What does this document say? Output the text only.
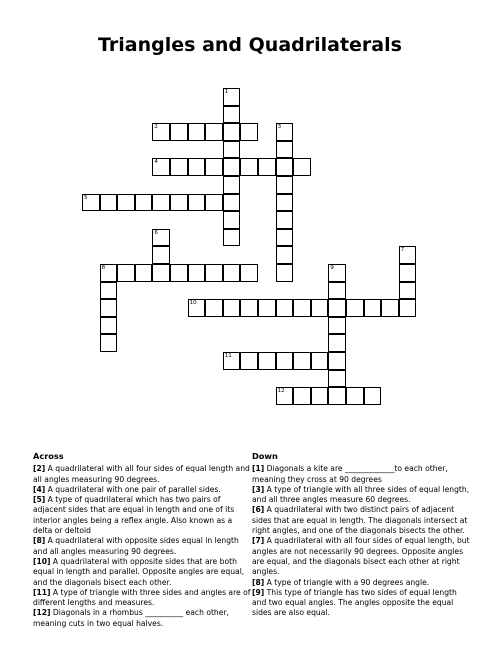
Triangles and Quadrilaterals
2
4
5
8
10
11
12
1
3
6
7
9
Across

[2] A quadrilateral with all four sides of equal length and all angles measuring 90 degrees.

[4] A quadrilateral with one pair of parallel sides.

[5] A type of quadrilateral which has two pairs of adjacent sides that are equal in length and one of its interior angles being a reflex angle. Also known as a delta or deltoid

[8] A quadrilateral with opposite sides equal in length and all angles measuring 90 degrees.

[10] A quadrilateral with opposite sides that are both equal in length and parallel. Opposite angles are equal, and the diagonals bisect each other.

[11] A type of triangle with three sides and angles are of different lengths and measures.

[12] Diagonals in a rhombus __________ each other, meaning cuts in two equal halves.

Down

[1] Diagonals a kite are _____________to each other, meaning they cross at 90 degrees

[3] A type of triangle with all three sides of equal length, and all three angles measure 60 degrees.

[6] A quadrilateral with two distinct pairs of adjacent sides that are equal in length. The diagonals intersect at right angles, and one of the diagonals bisects the other.

[7] A quadrilateral with all four sides of equal length, but angles are not necessarily 90 degrees. Opposite angles are equal, and the diagonals bisect each other at right angles.

[8] A type of triangle with a 90 degrees angle.

[9] This type of triangle has two sides of equal length and two equal angles. The angles opposite the equal sides are also equal.
